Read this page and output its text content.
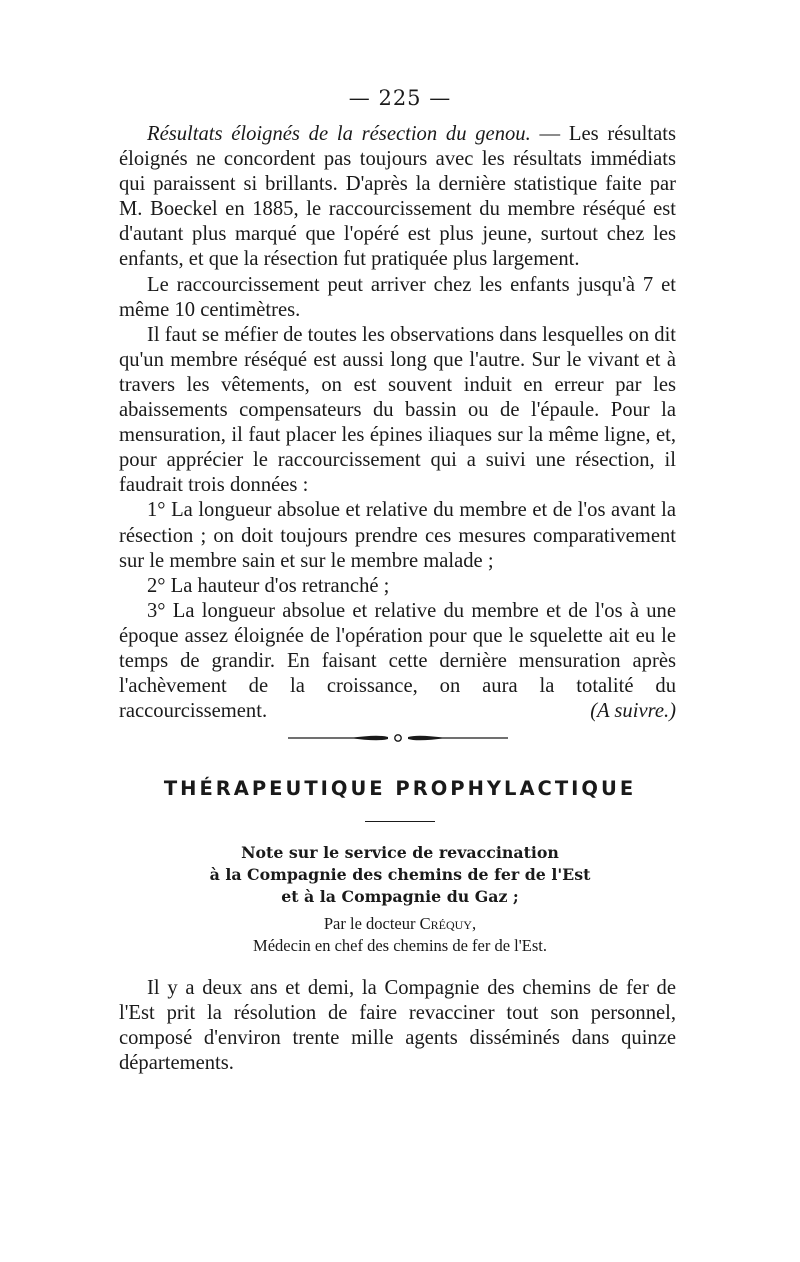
— 225 —

Résultats éloignés de la résection du genou. — Les résultats éloignés ne concordent pas toujours avec les résultats immédiats qui paraissent si brillants. D'après la dernière statistique faite par M. Boeckel en 1885, le raccourcissement du membre réséqué est d'autant plus marqué que l'opéré est plus jeune, surtout chez les enfants, et que la résection fut pratiquée plus largement.

Le raccourcissement peut arriver chez les enfants jusqu'à 7 et même 10 centimètres.

Il faut se méfier de toutes les observations dans lesquelles on dit qu'un membre réséqué est aussi long que l'autre. Sur le vivant et à travers les vêtements, on est souvent induit en erreur par les abaissements compensateurs du bassin ou de l'épaule. Pour la mensuration, il faut placer les épines iliaques sur la même ligne, et, pour apprécier le raccourcissement qui a suivi une résection, il faudrait trois données :

1° La longueur absolue et relative du membre et de l'os avant la résection ; on doit toujours prendre ces mesures comparativement sur le membre sain et sur le membre malade ;

2° La hauteur d'os retranché ;

3° La longueur absolue et relative du membre et de l'os à une époque assez éloignée de l'opération pour que le squelette ait eu le temps de grandir. En faisant cette dernière mensuration après l'achèvement de la croissance, on aura la totalité du raccourcissement.	(A suivre.)

THÉRAPEUTIQUE PROPHYLACTIQUE
Note sur le service de revaccination
à la Compagnie des chemins de fer de l'Est
et à la Compagnie du Gaz ;
Par le docteur Créquy,
Médecin en chef des chemins de fer de l'Est.

Il y a deux ans et demi, la Compagnie des chemins de fer de l'Est prit la résolution de faire revacciner tout son personnel, composé d'environ trente mille agents disséminés dans quinze départements.
